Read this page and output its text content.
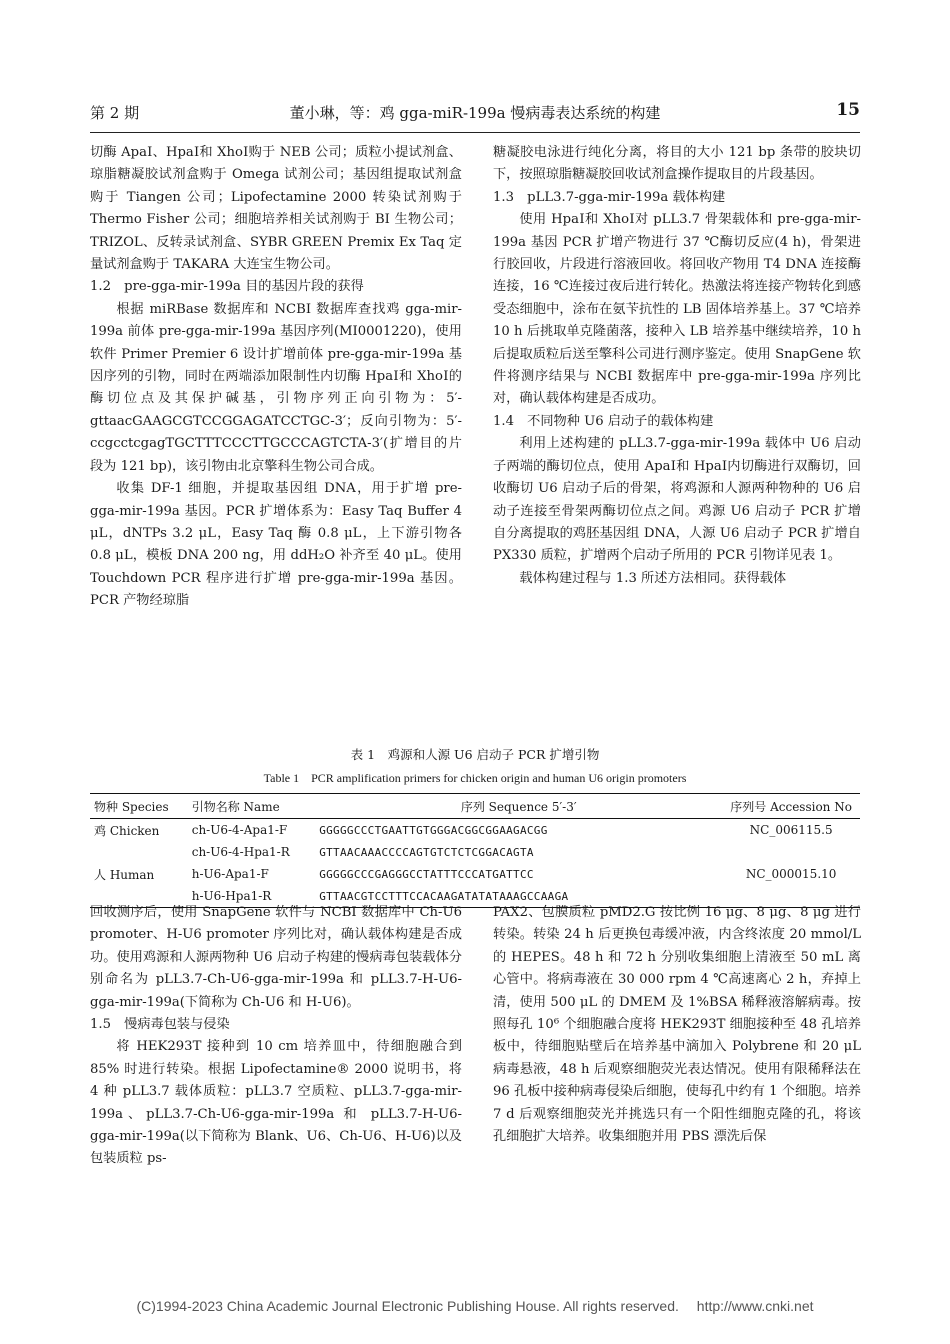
第 2 期	董小琳，等：鸡 gga-miR-199a 慢病毒表达系统的构建	15

切酶 ApaⅠ、HpaⅠ和 XhoⅠ购于 NEB 公司；质粒小提试剂盒、琼脂糖凝胶试剂盒购于 Omega 试剂公司；基因组提取试剂盒购于 Tiangen 公司；Lipofectamine 2000 转染试剂购于 Thermo Fisher 公司；细胞培养相关试剂购于 BI 生物公司；TRIZOL、反转录试剂盒、SYBR GREEN Premix Ex Taq 定量试剂盒购于 TAKARA 大连宝生物公司。

1.2　pre-gga-mir-199a 目的基因片段的获得

根据 miRBase 数据库和 NCBI 数据库查找鸡 gga-mir-199a 前体 pre-gga-mir-199a 基因序列(MI0001220)，使用软件 Primer Premier 6 设计扩增前体 pre-gga-mir-199a 基因序列的引物，同时在两端添加限制性内切酶 HpaⅠ和 XhoⅠ的酶切位点及其保护碱基，引物序列正向引物为：5′-gttaacGAAGCGTCCGGAGATCCTGC-3′；反向引物为：5′-ccgcctcgagTGCTTTCCCTTGCCCAGTCTA-3′(扩增目的片段为 121 bp)，该引物由北京擎科生物公司合成。

收集 DF-1 细胞，并提取基因组 DNA，用于扩增 pre-gga-mir-199a 基因。PCR 扩增体系为：Easy Taq Buffer 4 μL，dNTPs 3.2 μL，Easy Taq 酶 0.8 μL，上下游引物各 0.8 μL，模板 DNA 200 ng，用 ddH₂O 补齐至 40 μL。使用 Touchdown PCR 程序进行扩增 pre-gga-mir-199a 基因。PCR 产物经琼脂

糖凝胶电泳进行纯化分离，将目的大小 121 bp 条带的胶块切下，按照琼脂糖凝胶回收试剂盒操作提取目的片段基因。

1.3　pLL3.7-gga-mir-199a 载体构建

使用 HpaⅠ和 XhoⅠ对 pLL3.7 骨架载体和 pre-gga-mir-199a 基因 PCR 扩增产物进行 37 ℃酶切反应(4 h)，骨架进行胶回收，片段进行溶液回收。将回收产物用 T4 DNA 连接酶连接，16 ℃连接过夜后进行转化。热激法将连接产物转化到感受态细胞中，涂布在氨苄抗性的 LB 固体培养基上。37 ℃培养 10 h 后挑取单克隆菌落，接种入 LB 培养基中继续培养，10 h 后提取质粒后送至擎科公司进行测序鉴定。使用 SnapGene 软件将测序结果与 NCBI 数据库中 pre-gga-mir-199a 序列比对，确认载体构建是否成功。

1.4　不同物种 U6 启动子的载体构建

利用上述构建的 pLL3.7-gga-mir-199a 载体中 U6 启动子两端的酶切位点，使用 ApaⅠ和 HpaⅠ内切酶进行双酶切，回收酶切 U6 启动子后的骨架，将鸡源和人源两种物种的 U6 启动子连接至骨架两酶切位点之间。鸡源 U6 启动子 PCR 扩增自分离提取的鸡胚基因组 DNA，人源 U6 启动子 PCR 扩增自 PX330 质粒，扩增两个启动子所用的 PCR 引物详见表 1。

载体构建过程与 1.3 所述方法相同。获得载体

表 1　鸡源和人源 U6 启动子 PCR 扩增引物
Table 1　PCR amplification primers for chicken origin and human U6 origin promoters
物种 Species	引物名称 Name	序列 Sequence 5′-3′	序列号 Accession No
鸡 Chicken	ch-U6-4-Apa1-F	GGGGGCCCTGAATTGTGGGACGGCGGAAGACGG	NC_006115.5
	ch-U6-4-Hpa1-R	GTTAACAAACCCCAGTGTCTCTCGGACAGTA	
人 Human	h-U6-Apa1-F	GGGGGCCCGAGGGCCTATTTCCCATGATTCC	NC_000015.10
	h-U6-Hpa1-R	GTTAACGTCCTTTCCACAAGATATATAAAGCCAAGA	

回收测序后，使用 SnapGene 软件与 NCBI 数据库中 Ch-U6 promoter、H-U6 promoter 序列比对，确认载体构建是否成功。使用鸡源和人源两物种 U6 启动子构建的慢病毒包装载体分别命名为 pLL3.7-Ch-U6-gga-mir-199a 和 pLL3.7-H-U6-gga-mir-199a(下简称为 Ch-U6 和 H-U6)。

1.5　慢病毒包装与侵染

将 HEK293T 接种到 10 cm 培养皿中，待细胞融合到 85% 时进行转染。根据 Lipofectamine® 2000 说明书，将 4 种 pLL3.7 载体质粒：pLL3.7 空质粒、pLL3.7-gga-mir-199a、pLL3.7-Ch-U6-gga-mir-199a 和 pLL3.7-H-U6-gga-mir-199a(以下简称为 Blank、U6、Ch-U6、H-U6)以及包装质粒 ps-

PAX2、包膜质粒 pMD2.G 按比例 16 μg、8 μg、8 μg 进行转染。转染 24 h 后更换包毒缓冲液，内含终浓度 20 mmol/L 的 HEPES。48 h 和 72 h 分别收集细胞上清液至 50 mL 离心管中。将病毒液在 30 000 rpm 4 ℃高速离心 2 h，弃掉上清，使用 500 μL 的 DMEM 及 1%BSA 稀释液溶解病毒。按照每孔 10⁶ 个细胞融合度将 HEK293T 细胞接种至 48 孔培养板中，待细胞贴壁后在培养基中滴加入 Polybrene 和 20 μL 病毒悬液，48 h 后观察细胞荧光表达情况。使用有限稀释法在 96 孔板中接种病毒侵染后细胞，使每孔中约有 1 个细胞。培养 7 d 后观察细胞荧光并挑选只有一个阳性细胞克隆的孔，将该孔细胞扩大培养。收集细胞并用 PBS 漂洗后保

(C)1994-2023 China Academic Journal Electronic Publishing House. All rights reserved.　 http://www.cnki.net
